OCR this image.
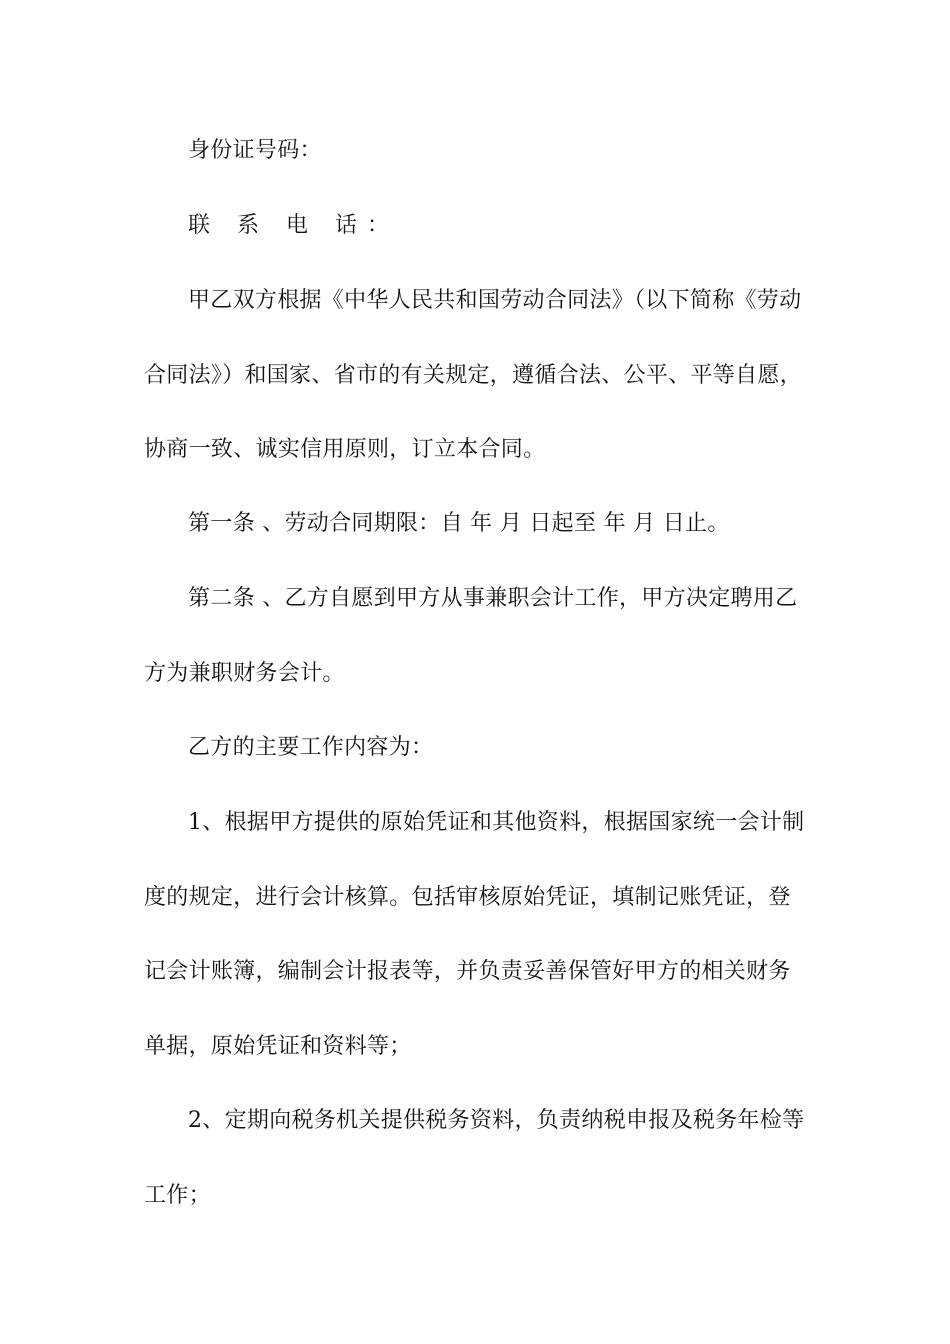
身份证号码：

联 系 电 话：

甲乙双方根据《中华人民共和国劳动合同法》（以下简称《劳动合同法》）和国家、省市的有关规定，遵循合法、公平、平等自愿，协商一致、诚实信用原则，订立本合同。

第一条 、劳动合同期限：自 年 月 日起至 年 月 日止。

第二条 、乙方自愿到甲方从事兼职会计工作，甲方决定聘用乙方为兼职财务会计。

乙方的主要工作内容为：

1、根据甲方提供的原始凭证和其他资料，根据国家统一会计制度的规定，进行会计核算。包括审核原始凭证，填制记账凭证，登记会计账簿，编制会计报表等，并负责妥善保管好甲方的相关财务单据，原始凭证和资料等；

2、定期向税务机关提供税务资料，负责纳税申报及税务年检等工作；
